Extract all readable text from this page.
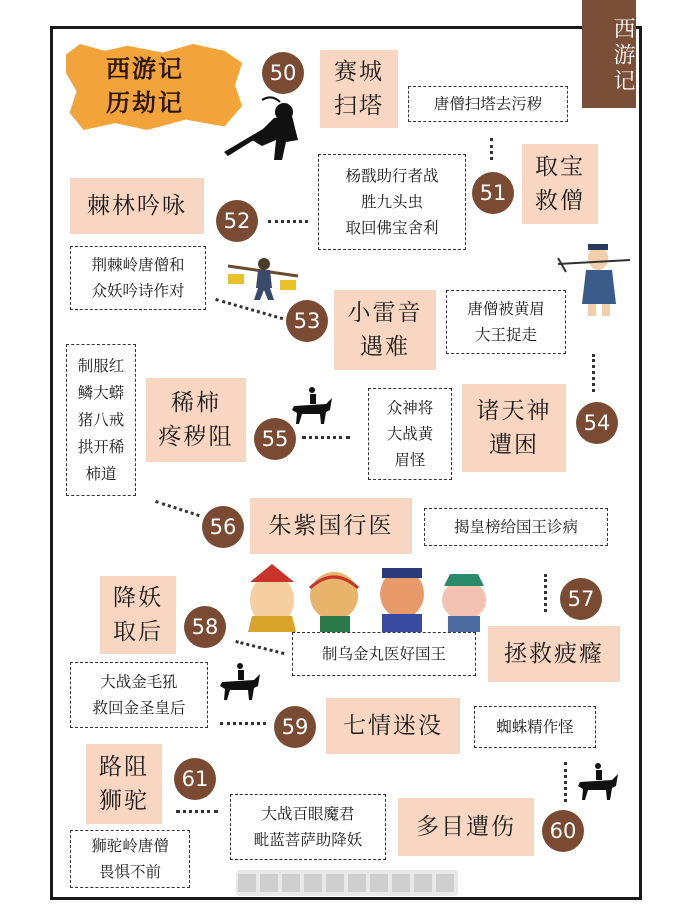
西游记
西游记
历劫记
50	赛城
扫塔	唐僧扫塔去污秽
杨戬助行者战
胜九头虫
取回佛宝舍利
51
取宝
救僧
棘林吟咏
52
荆棘岭唐僧和
众妖吟诗作对
53	小雷音
遇难
唐僧被黄眉
大王捉走
54
诸天神
遭困
众神将
大战黄
眉怪
制服红
鳞大蟒
猪八戒
拱开稀
柿道
稀柿
疼秽阻	55
56	朱紫国行医	揭皇榜给国王诊病
57
拯救疲癃
制乌金丸医好国王
降妖
取后	58
大战金毛犼
救回金圣皇后
59	七情迷没	蜘蛛精作怪
多目遭伤	60
大战百眼魔君
毗蓝菩萨助降妖
路阻
狮驼
61
狮驼岭唐僧
畏惧不前
